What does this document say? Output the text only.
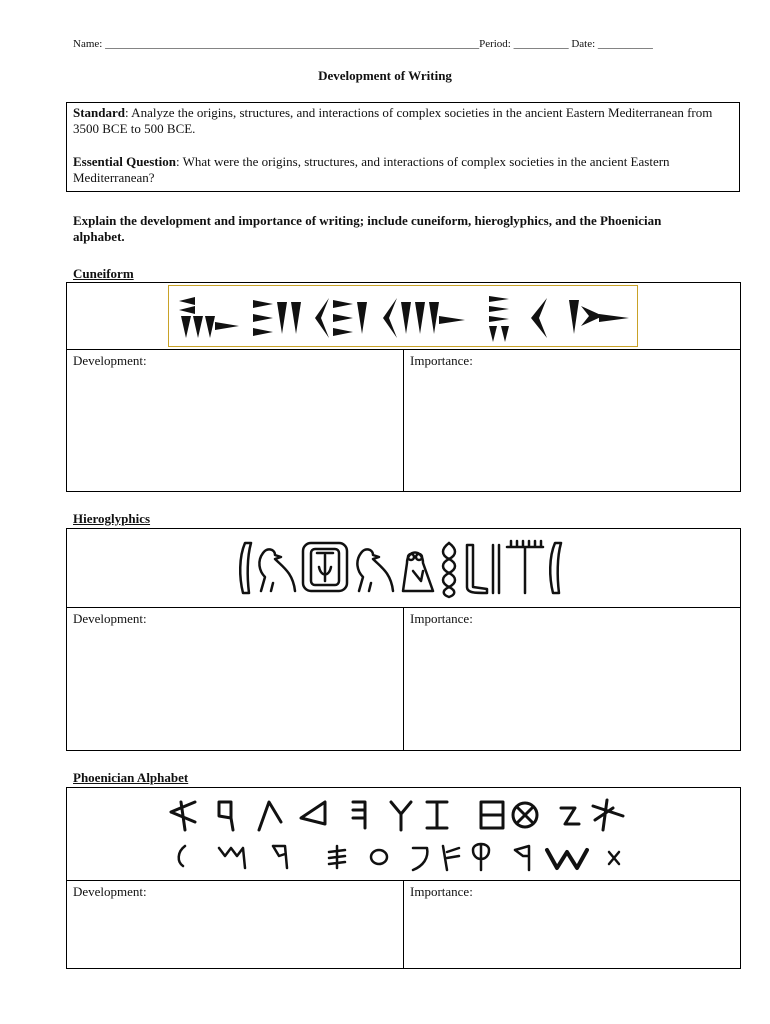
Name: ____________________________________________________________________Period: __________ Date: __________
Development of Writing

Standard: Analyze the origins, structures, and interactions of complex societies in the ancient Eastern Mediterranean from 3500 BCE to 500 BCE.

Essential Question: What were the origins, structures, and interactions of complex societies in the ancient Eastern Mediterranean?

Explain the development and importance of writing; include cuneiform, hieroglyphics, and the Phoenician alphabet.
Cuneiform
Development:	Importance:
Hieroglyphics
Development:	Importance:
Phoenician Alphabet
Development:	Importance:
